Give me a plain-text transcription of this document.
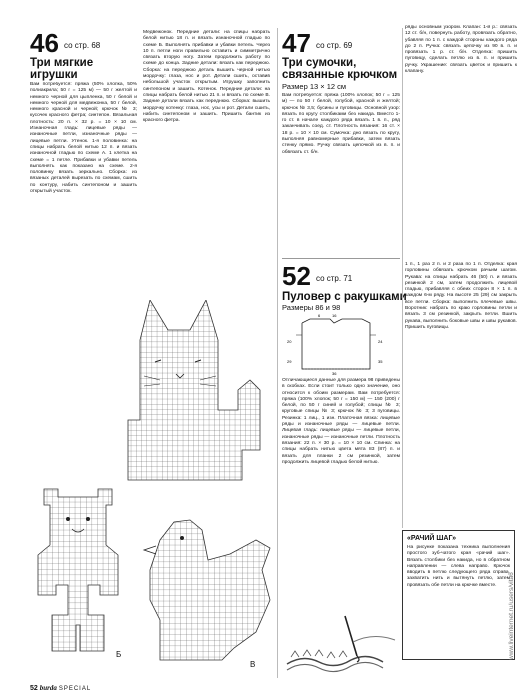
46 со стр. 68
Три мягкие
игрушки
Вам потребуется: пряжа (50% хлопка, 50% полиакрила; 50 г = 125 м) — 50 г желтой и немного черной для цыпленка, 50 г белой и немного черной для медвежонка, 50 г белой, немного красной и черной; крючок № 3; кусочек красного фетра; синтепон. Вязальная плотность: 20 п. × 32 р. = 10 × 10 см. Изнаночная гладь: лицевые ряды — изнаночные петли, изнаночные ряды — лицевые петли. Утенок. 1-я половинка: на спицы набрать белой нитью 12 п. и вязать изнаночной гладью по схеме А. 1 клетка на схеме = 1 петле. Прибавки и убавки петель выполнять как показано на схеме. 2-я половинку вязать зеркально. Сборка: из вязаных деталей вырезать по схемам, сшить по контуру, набить синтепоном и зашить открытый участок.
Медвежонок. Передние детали: на спицы набрать белой нитью 18 п. и вязать изнаночной гладью по схеме Б. Выполнять прибавки и убавки петель. Через 10 п. петли ноги правильно оставить и симметрично связать вторую ногу. Затем продолжить работу по схеме до конца. Задние детали: вязать как переднюю. Сборка: на переднюю деталь вышить черной нитью мордочку: глаза, нос и рот. Детали сшить, оставив небольшой участок открытым. Игрушку заполнить синтепоном и зашить. Котенок. Передние детали: на спицы набрать белой нитью 21 п. и вязать по схеме В. Задние детали вязать как переднюю. Сборка: вышить мордочку котенку: глаза, нос, усы и рот. Детали сшить, набить синтепоном и зашить. Пришить бантик из красного фетра.
47 со стр. 69
Три сумочки,
связанные крючком
Размер 13 × 12 см
Вам потребуется: пряжа (100% хлопок; 50 г = 125 м) — по 50 г белой, голубой, красной и желтой; крючок № 3,5; бусины и пуговицы. Основной узор: вязать по кругу столбиками без накида. Вместо 1-го ст. в начале каждого ряда вязать 1 в. п., ряд заканчивать соед. ст. Плотность вязания: 16 ст. × 18 р. = 10 × 10 см. Сумочка: дно вязать по кругу, выполняя равномерные прибавки, затем вязать стенку прямо. Ручку связать цепочкой из в. п. и обвязать ст. б/н.
ряды основным узором. Клапан: 1-й р.: связать 12 ст. б/н, повернуть работу, провязать обратно, убавляя по 1 п. с каждой стороны каждого ряда до 2 п. Ручка: связать цепочку из 90 в. п. и провязать 1 р. ст. б/н. Отделка: пришить пуговицу, сделать петлю из в. п. и пришить ручку. Украшение: связать цветок и пришить к клапану.
52 со стр. 71
Пуловер с ракушками
Размеры 86 и 98
6	16
20	24
36
29	35
Отличающиеся данные для размера 98 приведены в скобках. Если стоит только одно значение, оно относится к обоим размерам. Вам потребуется: пряжа (100% хлопок; 50 г = 150 м) — 150 (200) г белой, по 50 г синей и голубой; спицы № 3; круговые спицы № 3; крючок № 3; 3 пуговицы. Резинка: 1 лиц., 1 изн. Платочная вязка: лицевые ряды и изнаночные ряды — лицевые петли. Лицевая гладь: лицевые ряды — лицевые петли, изнаночные ряды — изнаночные петли. Плотность вязания: 22 п. × 30 р. = 10 × 10 см. Спинка: на спицы набрать нитью цвета мята 83 (87) п. и вязать для планки 2 см резинкой, затем продолжить лицевой гладью белой нитью.
1 п., 1 раз 2 п. и 2 раза по 1 п. Отделка: края горловины обвязать крючком рачьим шагом. Рукава: на спицы набрать 46 (50) п. и вязать резинкой 2 см, затем продолжить лицевой гладью, прибавляя с обеих сторон 8 × 1 п. в каждом 6-м ряду. На высоте 25 (29) см закрыть все петли. Сборка: выполнить плечевые швы. Воротник: набрать по краю горловины петли и вязать 3 см резинкой, закрыть петли. Вшить рукава, выполнить боковые швы и швы рукавов. Пришить пуговицы.
«РАЧИЙ ШАГ»
На рисунке показана техника выполнения простого зуб-чатого края «рачий шаг». Вязать столбики без накида, но в обратном направлении — слева направо. Крючок вводить в петлю следующего ряда справа, захватить нить и вытянуть петлю, затем провязать обе петли на крючке вместе.
Б
В
www.liveinternet.ru/users/vita6
52 burda SPECIAL
